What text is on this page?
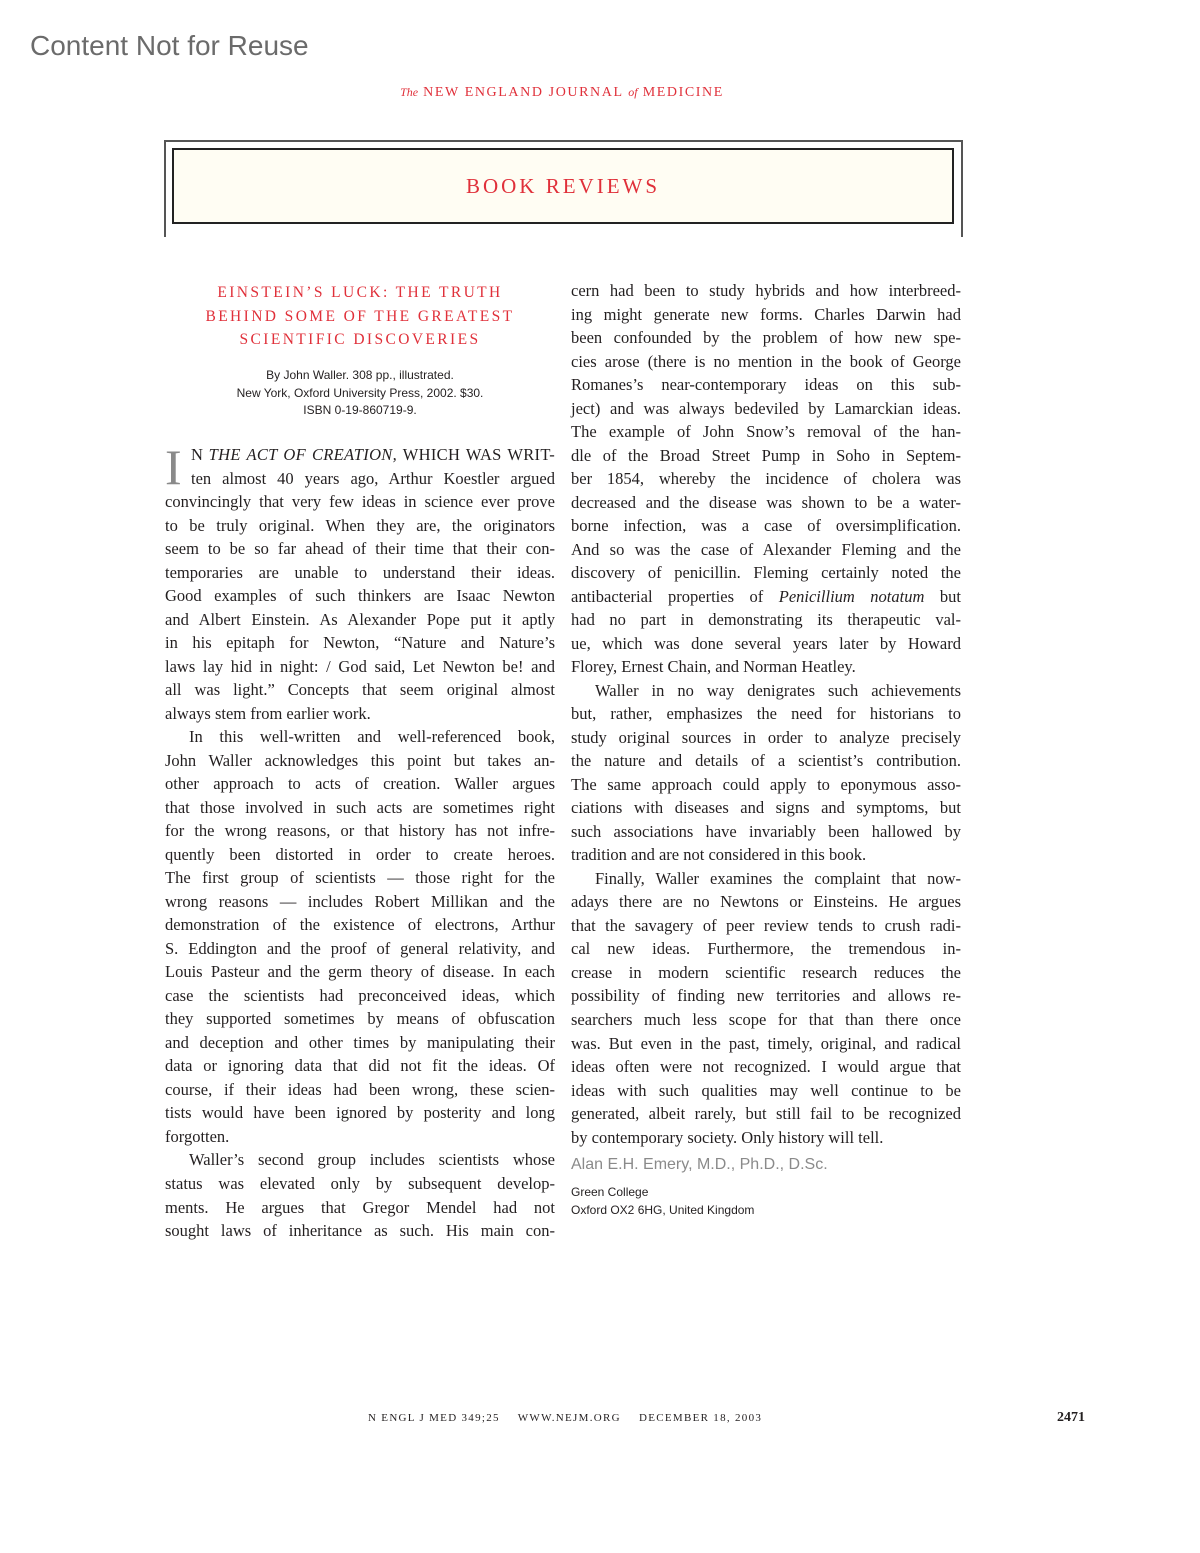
Content Not for Reuse
The NEW ENGLAND JOURNAL of MEDICINE
BOOK REVIEWS
EINSTEIN’S LUCK: THE TRUTH
BEHIND SOME OF THE GREATEST
SCIENTIFIC DISCOVERIES
By John Waller. 308 pp., illustrated.
New York, Oxford University Press, 2002. $30.
ISBN 0-19-860719-9.
I N THE ACT OF CREATION, WHICH WAS WRIT-
ten almost 40 years ago, Arthur Koestler argued
convincingly that very few ideas in science ever prove
to be truly original. When they are, the originators
seem to be so far ahead of their time that their con-
temporaries are unable to understand their ideas.
Good examples of such thinkers are Isaac Newton
and Albert Einstein. As Alexander Pope put it aptly
in his epitaph for Newton, “Nature and Nature’s
laws lay hid in night: / God said, Let Newton be! and
all was light.” Concepts that seem original almost
always stem from earlier work.
In this well-written and well-referenced book,
John Waller acknowledges this point but takes an-
other approach to acts of creation. Waller argues
that those involved in such acts are sometimes right
for the wrong reasons, or that history has not infre-
quently been distorted in order to create heroes.
The first group of scientists — those right for the
wrong reasons — includes Robert Millikan and the
demonstration of the existence of electrons, Arthur
S. Eddington and the proof of general relativity, and
Louis Pasteur and the germ theory of disease. In each
case the scientists had preconceived ideas, which
they supported sometimes by means of obfuscation
and deception and other times by manipulating their
data or ignoring data that did not fit the ideas. Of
course, if their ideas had been wrong, these scien-
tists would have been ignored by posterity and long
forgotten.
Waller’s second group includes scientists whose
status was elevated only by subsequent develop-
ments. He argues that Gregor Mendel had not
sought laws of inheritance as such. His main con-
cern had been to study hybrids and how interbreed-
ing might generate new forms. Charles Darwin had
been confounded by the problem of how new spe-
cies arose (there is no mention in the book of George
Romanes’s near-contemporary ideas on this sub-
ject) and was always bedeviled by Lamarckian ideas.
The example of John Snow’s removal of the han-
dle of the Broad Street Pump in Soho in Septem-
ber 1854, whereby the incidence of cholera was
decreased and the disease was shown to be a water-
borne infection, was a case of oversimplification.
And so was the case of Alexander Fleming and the
discovery of penicillin. Fleming certainly noted the
antibacterial properties of Penicillium notatum but
had no part in demonstrating its therapeutic val-
ue, which was done several years later by Howard
Florey, Ernest Chain, and Norman Heatley.
Waller in no way denigrates such achievements
but, rather, emphasizes the need for historians to
study original sources in order to analyze precisely
the nature and details of a scientist’s contribution.
The same approach could apply to eponymous asso-
ciations with diseases and signs and symptoms, but
such associations have invariably been hallowed by
tradition and are not considered in this book.
Finally, Waller examines the complaint that now-
adays there are no Newtons or Einsteins. He argues
that the savagery of peer review tends to crush radi-
cal new ideas. Furthermore, the tremendous in-
crease in modern scientific research reduces the
possibility of finding new territories and allows re-
searchers much less scope for that than there once
was. But even in the past, timely, original, and radical
ideas often were not recognized. I would argue that
ideas with such qualities may well continue to be
generated, albeit rarely, but still fail to be recognized
by contemporary society. Only history will tell.
Alan E.H. Emery, M.D., Ph.D., D.Sc.
Green College
Oxford OX2 6HG, United Kingdom
N ENGL J MED 349;25 WWW.NEJM.ORG DECEMBER 18, 2003	2471
